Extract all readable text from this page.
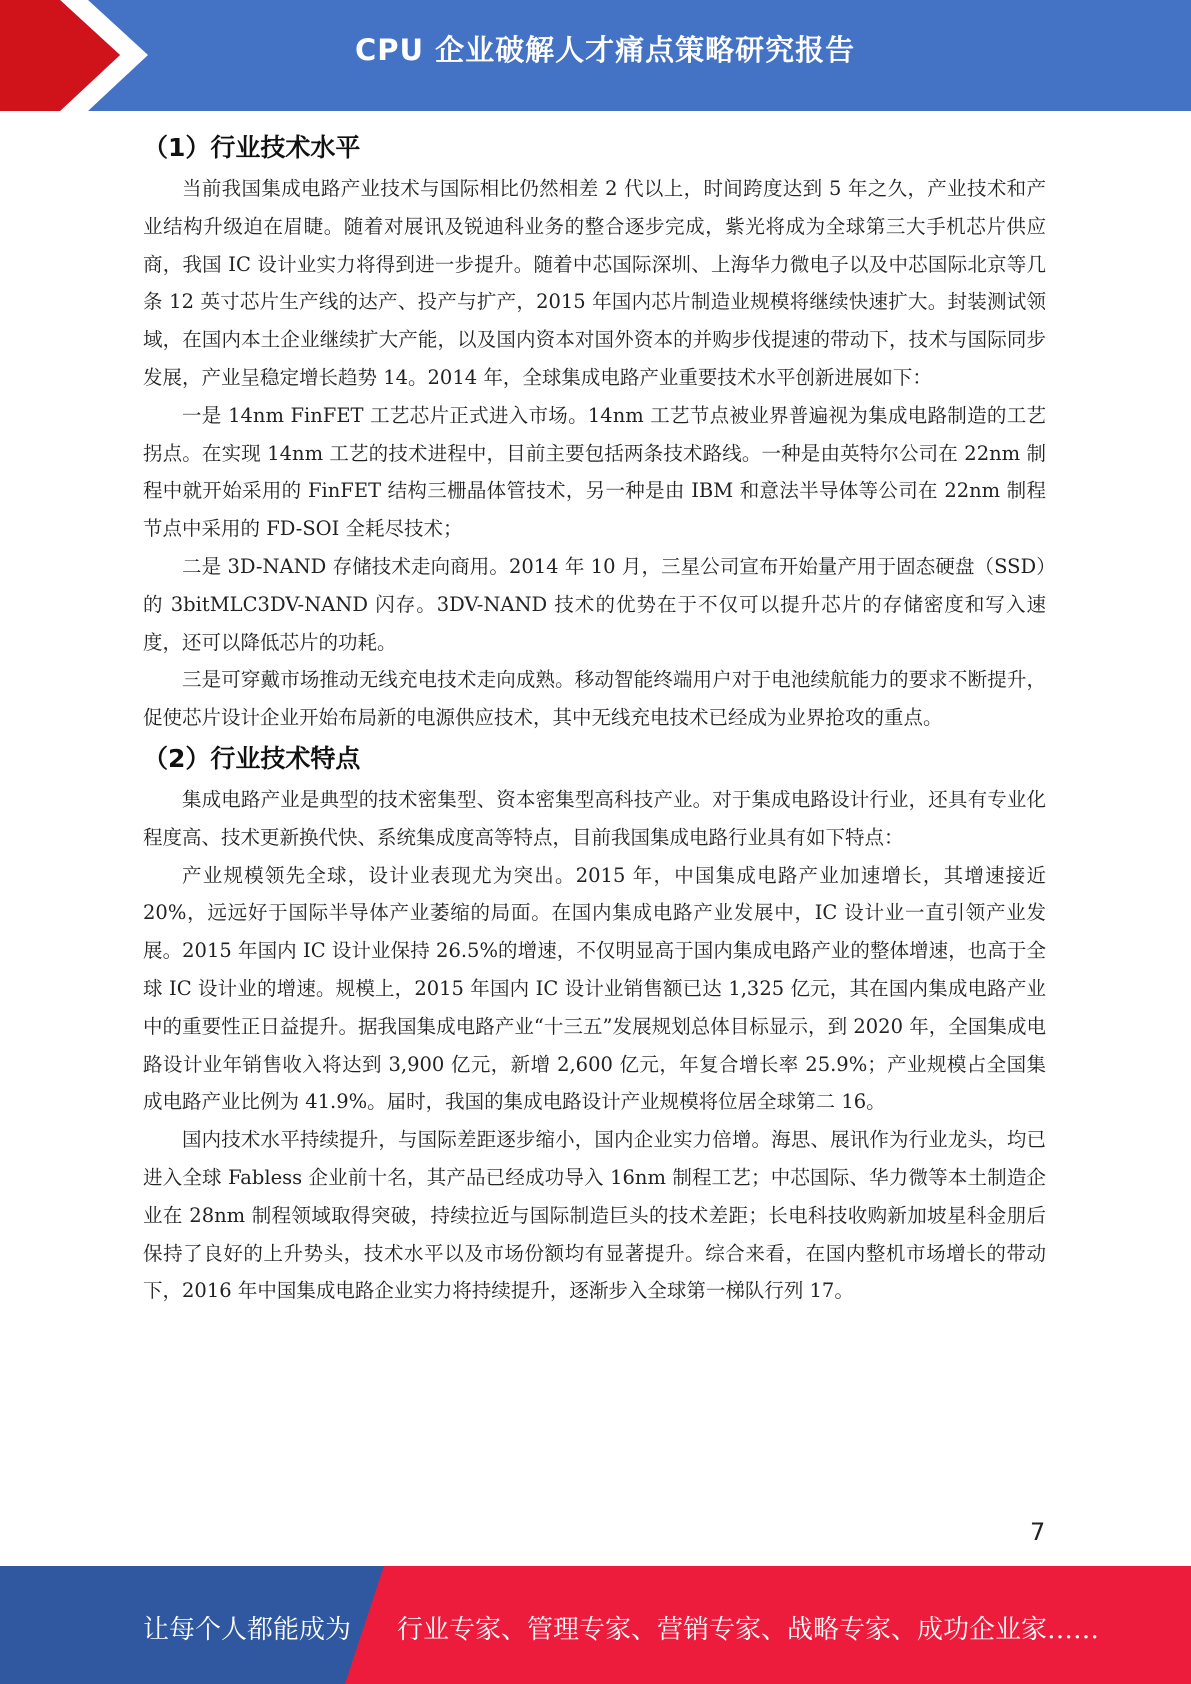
CPU 企业破解人才痛点策略研究报告
（1）行业技术水平

当前我国集成电路产业技术与国际相比仍然相差 2 代以上，时间跨度达到 5 年之久，产业技术和产业结构升级迫在眉睫。随着对展讯及锐迪科业务的整合逐步完成，紫光将成为全球第三大手机芯片供应商，我国 IC 设计业实力将得到进一步提升。随着中芯国际深圳、上海华力微电子以及中芯国际北京等几条 12 英寸芯片生产线的达产、投产与扩产，2015 年国内芯片制造业规模将继续快速扩大。封装测试领域，在国内本土企业继续扩大产能，以及国内资本对国外资本的并购步伐提速的带动下，技术与国际同步发展，产业呈稳定增长趋势 14。2014 年，全球集成电路产业重要技术水平创新进展如下：

一是 14nm FinFET 工艺芯片正式进入市场。14nm 工艺节点被业界普遍视为集成电路制造的工艺拐点。在实现 14nm 工艺的技术进程中，目前主要包括两条技术路线。一种是由英特尔公司在 22nm 制程中就开始采用的 FinFET 结构三栅晶体管技术，另一种是由 IBM 和意法半导体等公司在 22nm 制程节点中采用的 FD-SOI 全耗尽技术；

二是 3D-NAND 存储技术走向商用。2014 年 10 月，三星公司宣布开始量产用于固态硬盘（SSD）的 3bitMLC3DV-NAND 闪存。3DV-NAND 技术的优势在于不仅可以提升芯片的存储密度和写入速度，还可以降低芯片的功耗。

三是可穿戴市场推动无线充电技术走向成熟。移动智能终端用户对于电池续航能力的要求不断提升，促使芯片设计企业开始布局新的电源供应技术，其中无线充电技术已经成为业界抢攻的重点。

（2）行业技术特点

集成电路产业是典型的技术密集型、资本密集型高科技产业。对于集成电路设计行业，还具有专业化程度高、技术更新换代快、系统集成度高等特点，目前我国集成电路行业具有如下特点：

产业规模领先全球，设计业表现尤为突出。2015 年，中国集成电路产业加速增长，其增速接近 20%，远远好于国际半导体产业萎缩的局面。在国内集成电路产业发展中，IC 设计业一直引领产业发展。2015 年国内 IC 设计业保持 26.5%的增速，不仅明显高于国内集成电路产业的整体增速，也高于全球 IC 设计业的增速。规模上，2015 年国内 IC 设计业销售额已达 1,325 亿元，其在国内集成电路产业中的重要性正日益提升。据我国集成电路产业“十三五”发展规划总体目标显示，到 2020 年，全国集成电路设计业年销售收入将达到 3,900 亿元，新增 2,600 亿元，年复合增长率 25.9%；产业规模占全国集成电路产业比例为 41.9%。届时，我国的集成电路设计产业规模将位居全球第二 16。

国内技术水平持续提升，与国际差距逐步缩小，国内企业实力倍增。海思、展讯作为行业龙头，均已进入全球 Fabless 企业前十名，其产品已经成功导入 16nm 制程工艺；中芯国际、华力微等本土制造企业在 28nm 制程领域取得突破，持续拉近与国际制造巨头的技术差距；长电科技收购新加坡星科金朋后保持了良好的上升势头，技术水平以及市场份额均有显著提升。综合来看，在国内整机市场增长的带动下，2016 年中国集成电路企业实力将持续提升，逐渐步入全球第一梯队行列 17。

7
让每个人都能成为 行业专家、管理专家、营销专家、战略专家、成功企业家……
